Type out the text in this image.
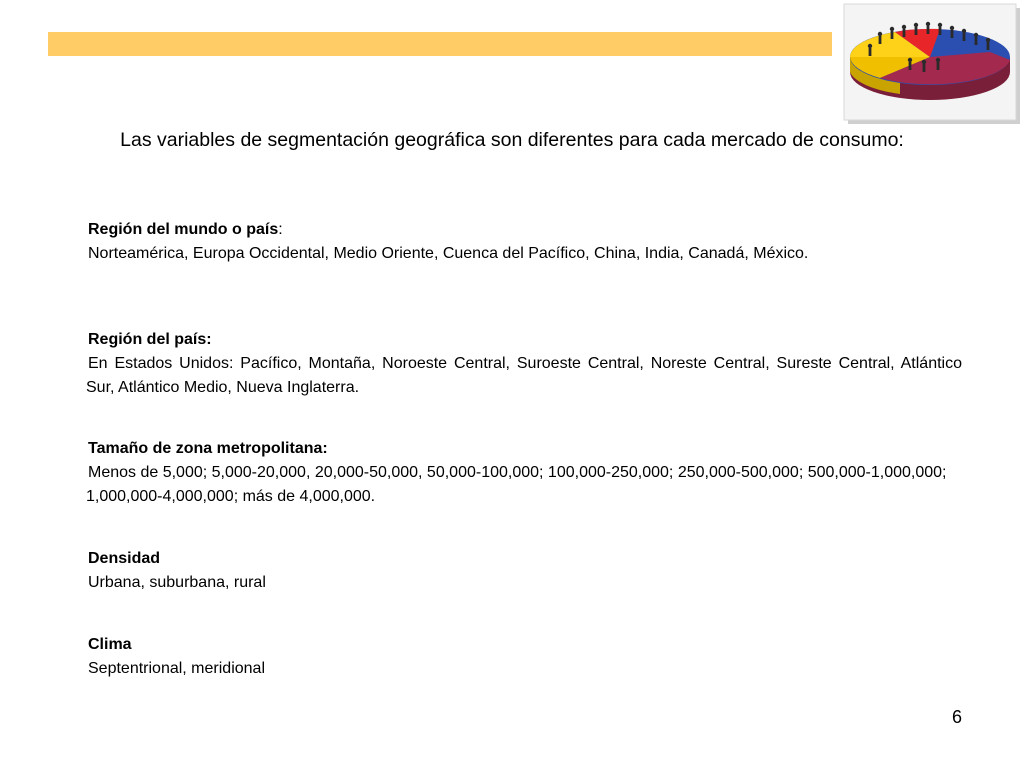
Las variables de segmentación geográfica son diferentes para cada mercado de consumo:
Región del mundo o país:
Norteamérica, Europa Occidental, Medio Oriente, Cuenca del Pacífico, China, India, Canadá, México.
Región del país:
En Estados Unidos: Pacífico, Montaña, Noroeste Central, Suroeste Central, Noreste Central, Sureste Central, Atlántico Sur, Atlántico Medio, Nueva Inglaterra.
Tamaño de zona metropolitana:
Menos de 5,000; 5,000-20,000, 20,000-50,000, 50,000-100,000; 100,000-250,000; 250,000-500,000; 500,000-1,000,000; 1,000,000-4,000,000; más de 4,000,000.
Densidad
Urbana, suburbana, rural
Clima
Septentrional, meridional
6
